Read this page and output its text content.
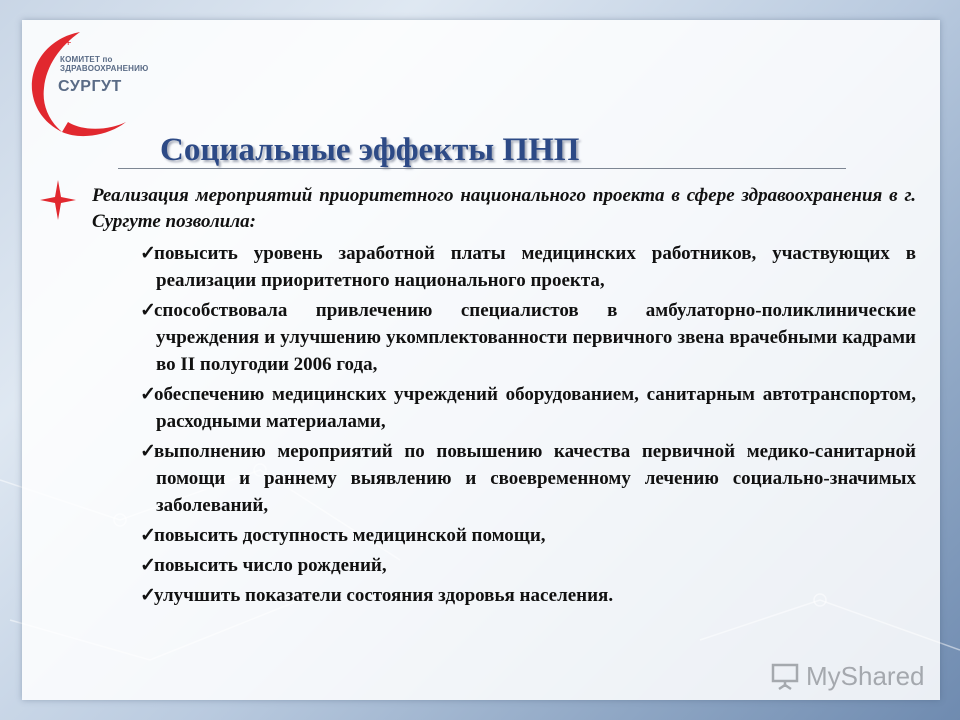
+
КОМИТЕТ по
ЗДРАВООХРАНЕНИЮ
СУРГУТ
Социальные эффекты ПНП
Реализация мероприятий приоритетного национального проекта в сфере здравоохранения в г. Сургуте позволила:
✓повысить уровень заработной платы медицинских работников, участвующих в реализации приоритетного национального проекта,
✓способствовала привлечению специалистов в амбулаторно-поликлинические учреждения и улучшению укомплектованности первичного звена врачебными кадрами во II полугодии 2006 года,
✓обеспечению медицинских учреждений оборудованием, санитарным автотранспортом, расходными материалами,
✓выполнению мероприятий по повышению качества первичной медико-санитарной помощи и раннему выявлению и своевременному лечению социально-значимых заболеваний,
✓повысить доступность медицинской помощи,
✓повысить число рождений,
✓улучшить показатели состояния здоровья населения.
MyShared
